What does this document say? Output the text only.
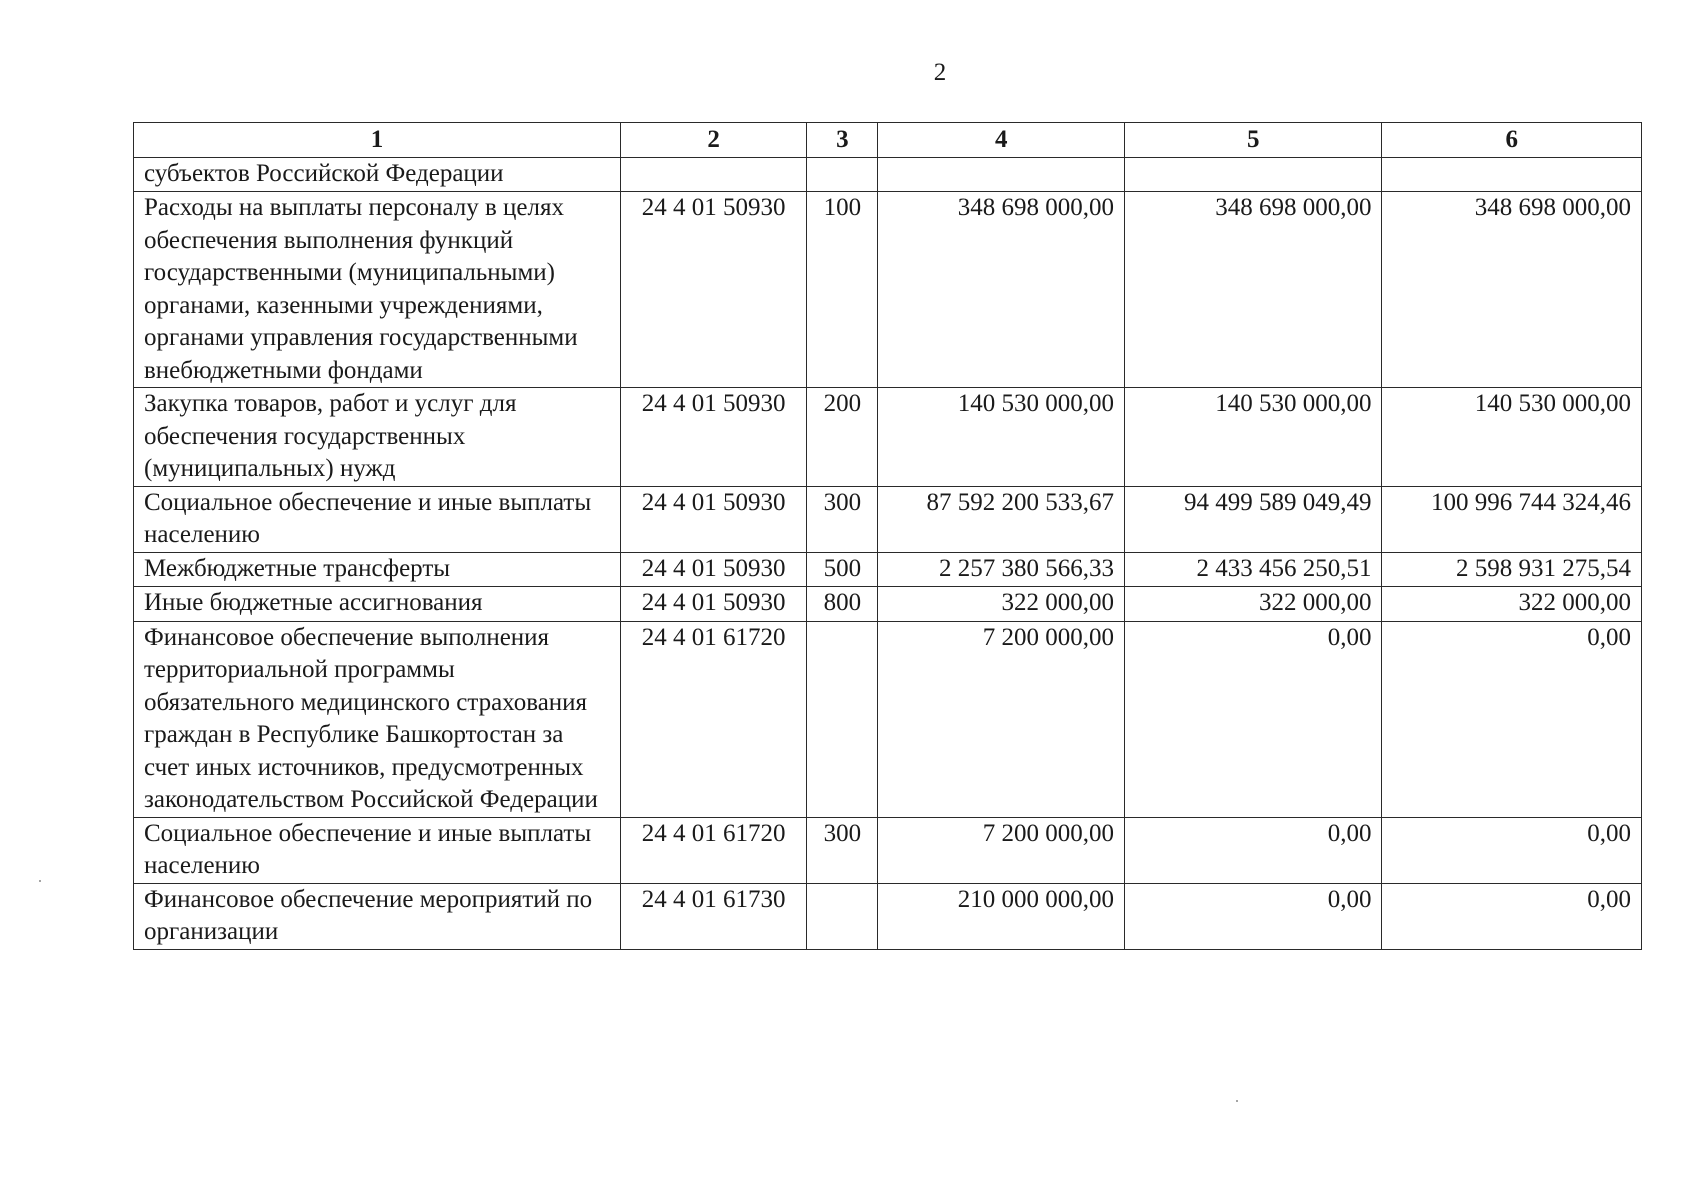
2
1	2	3	4	5	6
субъектов Российской Федерации					
Расходы на выплаты персоналу в целях обеспечения выполнения функций государственными (муниципальными) органами, казенными учреждениями, органами управления государственными внебюджетными фондами	24 4 01 50930	100	348 698 000,00	348 698 000,00	348 698 000,00
Закупка товаров, работ и услуг для обеспечения государственных (муниципальных) нужд	24 4 01 50930	200	140 530 000,00	140 530 000,00	140 530 000,00
Социальное обеспечение и иные выплаты населению	24 4 01 50930	300	87 592 200 533,67	94 499 589 049,49	100 996 744 324,46
Межбюджетные трансферты	24 4 01 50930	500	2 257 380 566,33	2 433 456 250,51	2 598 931 275,54
Иные бюджетные ассигнования	24 4 01 50930	800	322 000,00	322 000,00	322 000,00
Финансовое обеспечение выполнения территориальной программы обязательного медицинского страхования граждан в Республике Башкортостан за счет иных источников, предусмотренных законодательством Российской Федерации	24 4 01 61720		7 200 000,00	0,00	0,00
Социальное обеспечение и иные выплаты населению	24 4 01 61720	300	7 200 000,00	0,00	0,00
Финансовое обеспечение мероприятий по организации	24 4 01 61730		210 000 000,00	0,00	0,00
